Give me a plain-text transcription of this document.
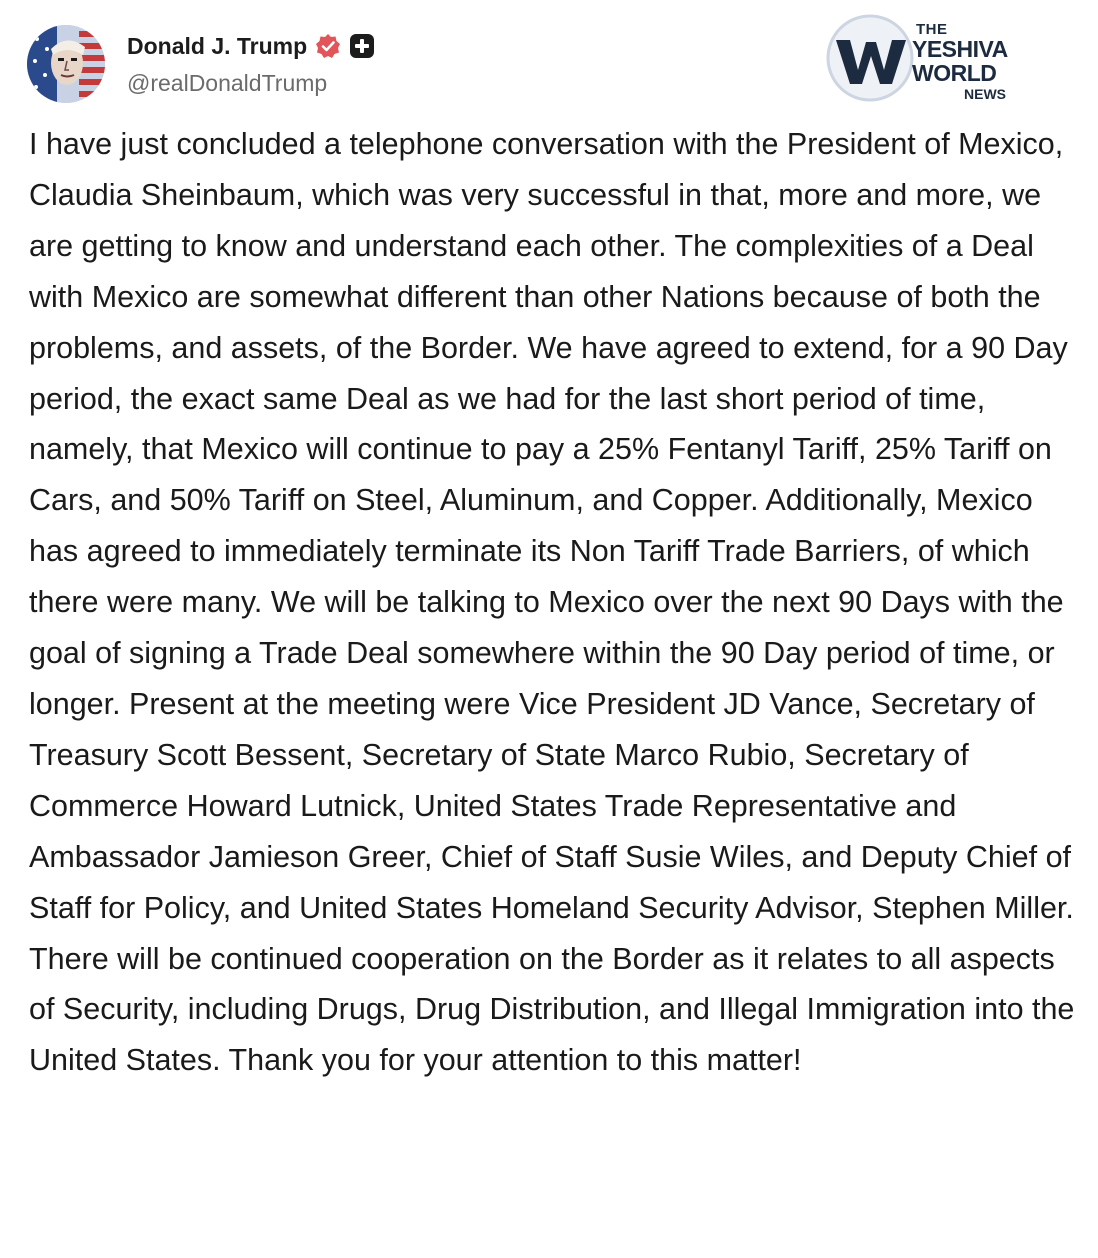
Donald J. Trump
@realDonaldTrump
THE
YESHIVA
WORLD
NEWS

I have just concluded a telephone conversation with the President of Mexico, Claudia Sheinbaum, which was very successful in that, more and more, we are getting to know and understand each other. The complexities of a Deal with Mexico are somewhat different than other Nations because of both the problems, and assets, of the Border. We have agreed to extend, for a 90 Day period, the exact same Deal as we had for the last short period of time, namely, that Mexico will continue to pay a 25% Fentanyl Tariff, 25% Tariff on Cars, and 50% Tariff on Steel, Aluminum, and Copper. Additionally, Mexico has agreed to immediately terminate its Non Tariff Trade Barriers, of which there were many. We will be talking to Mexico over the next 90 Days with the goal of signing a Trade Deal somewhere within the 90 Day period of time, or longer. Present at the meeting were Vice President JD Vance, Secretary of Treasury Scott Bessent, Secretary of State Marco Rubio, Secretary of Commerce Howard Lutnick, United States Trade Representative and Ambassador Jamieson Greer, Chief of Staff Susie Wiles, and Deputy Chief of Staff for Policy, and United States Homeland Security Advisor, Stephen Miller. There will be continued cooperation on the Border as it relates to all aspects of Security, including Drugs, Drug Distribution, and Illegal Immigration into the United States. Thank you for your attention to this matter!
